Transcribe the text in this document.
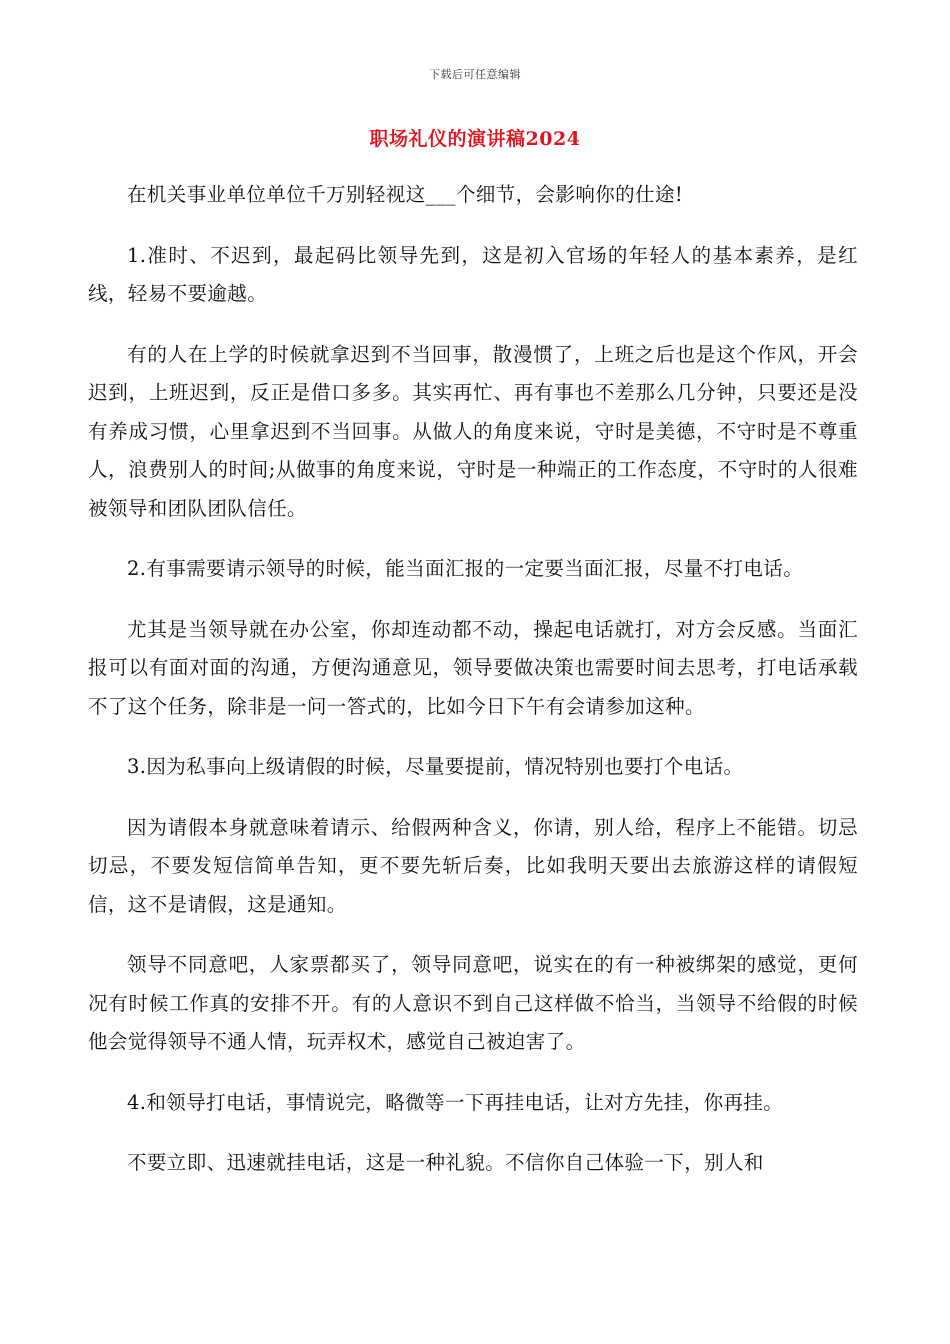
下载后可任意编辑
职场礼仪的演讲稿2024

在机关事业单位单位千万别轻视这___个细节，会影响你的仕途!

1.准时、不迟到，最起码比领导先到，这是初入官场的年轻人的基本素养，是红线，轻易不要逾越。

有的人在上学的时候就拿迟到不当回事，散漫惯了，上班之后也是这个作风，开会迟到，上班迟到，反正是借口多多。其实再忙、再有事也不差那么几分钟，只要还是没有养成习惯，心里拿迟到不当回事。从做人的角度来说，守时是美德，不守时是不尊重人，浪费别人的时间;从做事的角度来说，守时是一种端正的工作态度，不守时的人很难被领导和团队团队信任。

2.有事需要请示领导的时候，能当面汇报的一定要当面汇报，尽量不打电话。

尤其是当领导就在办公室，你却连动都不动，操起电话就打，对方会反感。当面汇报可以有面对面的沟通，方便沟通意见，领导要做决策也需要时间去思考，打电话承载不了这个任务，除非是一问一答式的，比如今日下午有会请参加这种。

3.因为私事向上级请假的时候，尽量要提前，情况特别也要打个电话。

因为请假本身就意味着请示、给假两种含义，你请，别人给，程序上不能错。切忌切忌，不要发短信简单告知，更不要先斩后奏，比如我明天要出去旅游这样的请假短信，这不是请假，这是通知。

领导不同意吧，人家票都买了，领导同意吧，说实在的有一种被绑架的感觉，更何况有时候工作真的安排不开。有的人意识不到自己这样做不恰当，当领导不给假的时候他会觉得领导不通人情，玩弄权术，感觉自己被迫害了。

4.和领导打电话，事情说完，略微等一下再挂电话，让对方先挂，你再挂。

不要立即、迅速就挂电话，这是一种礼貌。不信你自己体验一下，别人和
